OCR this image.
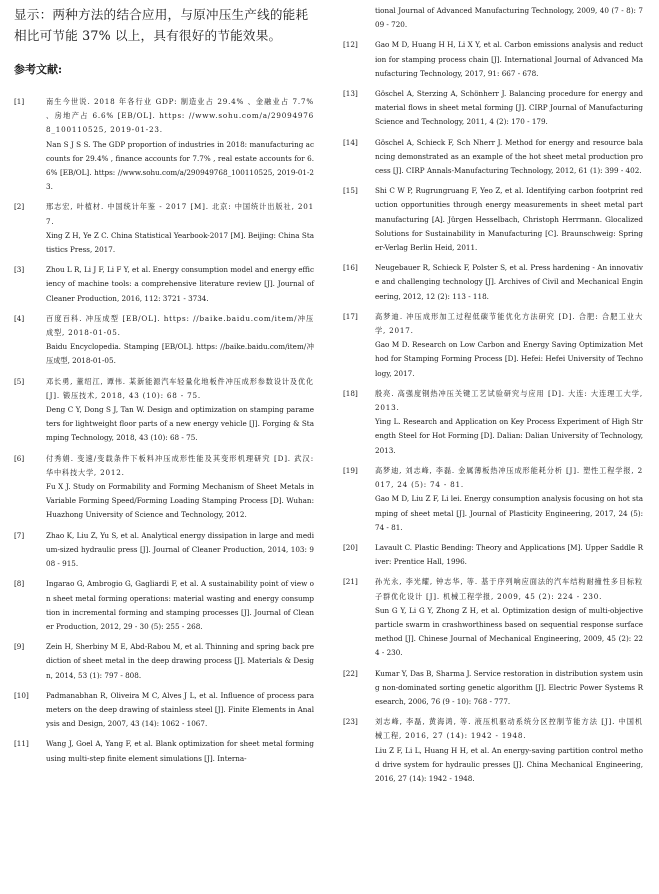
显示：两种方法的结合应用，与原冲压生产线的能耗相比可节能 37% 以上，具有很好的节能效果。

参考文献:
[1]	南生今世说. 2018 年各行业 GDP: 制造业占 29.4% 、金融业占 7.7% 、房地产占 6.6% [EB/OL]. https: //www.sohu.com/a/290949768_100110525, 2019-01-23.
Nan S J S S. The GDP proportion of industries in 2018: manufacturing accounts for 29.4% , finance accounts for 7.7% , real estate accounts for 6.6% [EB/OL]. https: //www.sohu.com/a/290949768_100110525, 2019-01-23.
[2]	邢志宏, 叶植材. 中国统计年鉴 - 2017 [M]. 北京: 中国统计出版社, 2017.
Xing Z H, Ye Z C. China Statistical Yearbook-2017 [M]. Beijing: China Statistics Press, 2017.
[3]	Zhou L R, Li J F, Li F Y, et al. Energy consumption model and energy efficiency of machine tools: a comprehensive literature review [J]. Journal of Cleaner Production, 2016, 112: 3721 - 3734.
[4]	百度百科. 冲压成型 [EB/OL]. https: //baike.baidu.com/item/冲压成型, 2018-01-05.
Baidu Encyclopedia. Stamping [EB/OL]. https: //baike.baidu.com/item/冲压成型, 2018-01-05.
[5]	邓长勇, 董绍江, 谭伟. 某新能源汽车轻量化地板件冲压成形参数设计及优化 [J]. 锻压技术, 2018, 43 (10): 68 - 75.
Deng C Y, Dong S J, Tan W. Design and optimization on stamping parameters for lightweight floor parts of a new energy vehicle [J]. Forging & Stamping Technology, 2018, 43 (10): 68 - 75.
[6]	付秀娟. 变速/变载条件下板料冲压成形性能及其变形机理研究 [D]. 武汉: 华中科技大学, 2012.
Fu X J. Study on Formability and Forming Mechanism of Sheet Metals in Variable Forming Speed/Forming Loading Stamping Process [D]. Wuhan: Huazhong University of Science and Technology, 2012.
[7]	Zhao K, Liu Z, Yu S, et al. Analytical energy dissipation in large and medium-sized hydraulic press [J]. Journal of Cleaner Production, 2014, 103: 908 - 915.
[8]	Ingarao G, Ambrogio G, Gagliardi F, et al. A sustainability point of view on sheet metal forming operations: material wasting and energy consumption in incremental forming and stamping processes [J]. Journal of Cleaner Production, 2012, 29 - 30 (5): 255 - 268.
[9]	Zein H, Sherbiny M E, Abd-Rabou M, et al. Thinning and spring back prediction of sheet metal in the deep drawing process [J]. Materials & Design, 2014, 53 (1): 797 - 808.
[10] Padmanabhan R, Oliveira M C, Alves J L, et al. Influence of process parameters on the deep drawing of stainless steel [J]. Finite Elements in Analysis and Design, 2007, 43 (14): 1062 - 1067.
[11] Wang J, Goel A, Yang F, et al. Blank optimization for sheet metal forming using multi-step finite element simulations [J]. Interna-
tional Journal of Advanced Manufacturing Technology, 2009, 40 (7 - 8): 709 - 720.
[12] Gao M D, Huang H H, Li X Y, et al. Carbon emissions analysis and reduction for stamping process chain [J]. International Journal of Advanced Manufacturing Technology, 2017, 91: 667 - 678.
[13] Göschel A, Sterzing A, Schönherr J. Balancing procedure for energy and material flows in sheet metal forming [J]. CIRP Journal of Manufacturing Science and Technology, 2011, 4 (2): 170 - 179.
[14] Göschel A, Schieck F, Sch Nherr J. Method for energy and resource balancing demonstrated as an example of the hot sheet metal production process [J]. CIRP Annals-Manufacturing Technology, 2012, 61 (1): 399 - 402.
[15] Shi C W P, Rugrungruang F, Yeo Z, et al. Identifying carbon footprint reduction opportunities through energy measurements in sheet metal part manufacturing [A]. Jürgen Hesselbach, Christoph Herrmann. Glocalized Solutions for Sustainability in Manufacturing [C]. Braunschweig: Springer-Verlag Berlin Heid, 2011.
[16] Neugebauer R, Schieck F, Polster S, et al. Press hardening - An innovative and challenging technology [J]. Archives of Civil and Mechanical Engineering, 2012, 12 (2): 113 - 118.
[17] 高梦迪. 冲压成形加工过程低碳节能优化方法研究 [D]. 合肥: 合肥工业大学, 2017.
Gao M D. Research on Low Carbon and Energy Saving Optimization Method for Stamping Forming Process [D]. Hefei: Hefei University of Technology, 2017.
[18] 殷亮. 高强度钢热冲压关键工艺试验研究与应用 [D]. 大连: 大连理工大学, 2013.
Ying L. Research and Application on Key Process Experiment of High Strength Steel for Hot Forming [D]. Dalian: Dalian University of Technology, 2013.
[19] 高梦迪, 刘志峰, 李磊. 金属薄板热冲压成形能耗分析 [J]. 塑性工程学报, 2017, 24 (5): 74 - 81.
Gao M D, Liu Z F, Li lei. Energy consumption analysis focusing on hot stamping of sheet metal [J]. Journal of Plasticity Engineering, 2017, 24 (5): 74 - 81.
[20] Lavault C. Plastic Bending: Theory and Applications [M]. Upper Saddle River: Prentice Hall, 1996.
[21] 孙光永, 李光耀, 钟志华, 等. 基于序列响应面法的汽车结构耐撞性多目标粒子群优化设计 [J]. 机械工程学报, 2009, 45 (2): 224 - 230.
Sun G Y, Li G Y, Zhong Z H, et al. Optimization design of multi-objective particle swarm in crashworthiness based on sequential response surface method [J]. Chinese Journal of Mechanical Engineering, 2009, 45 (2): 224 - 230.
[22] Kumar Y, Das B, Sharma J. Service restoration in distribution system using non-dominated sorting genetic algorithm [J]. Electric Power Systems Research, 2006, 76 (9 - 10): 768 - 777.
[23] 刘志峰, 李磊, 黄海鸿, 等. 液压机驱动系统分区控制节能方法 [J]. 中国机械工程, 2016, 27 (14): 1942 - 1948.
Liu Z F, Li L, Huang H H, et al. An energy-saving partition control method drive system for hydraulic presses [J]. China Mechanical Engineering, 2016, 27 (14): 1942 - 1948.
